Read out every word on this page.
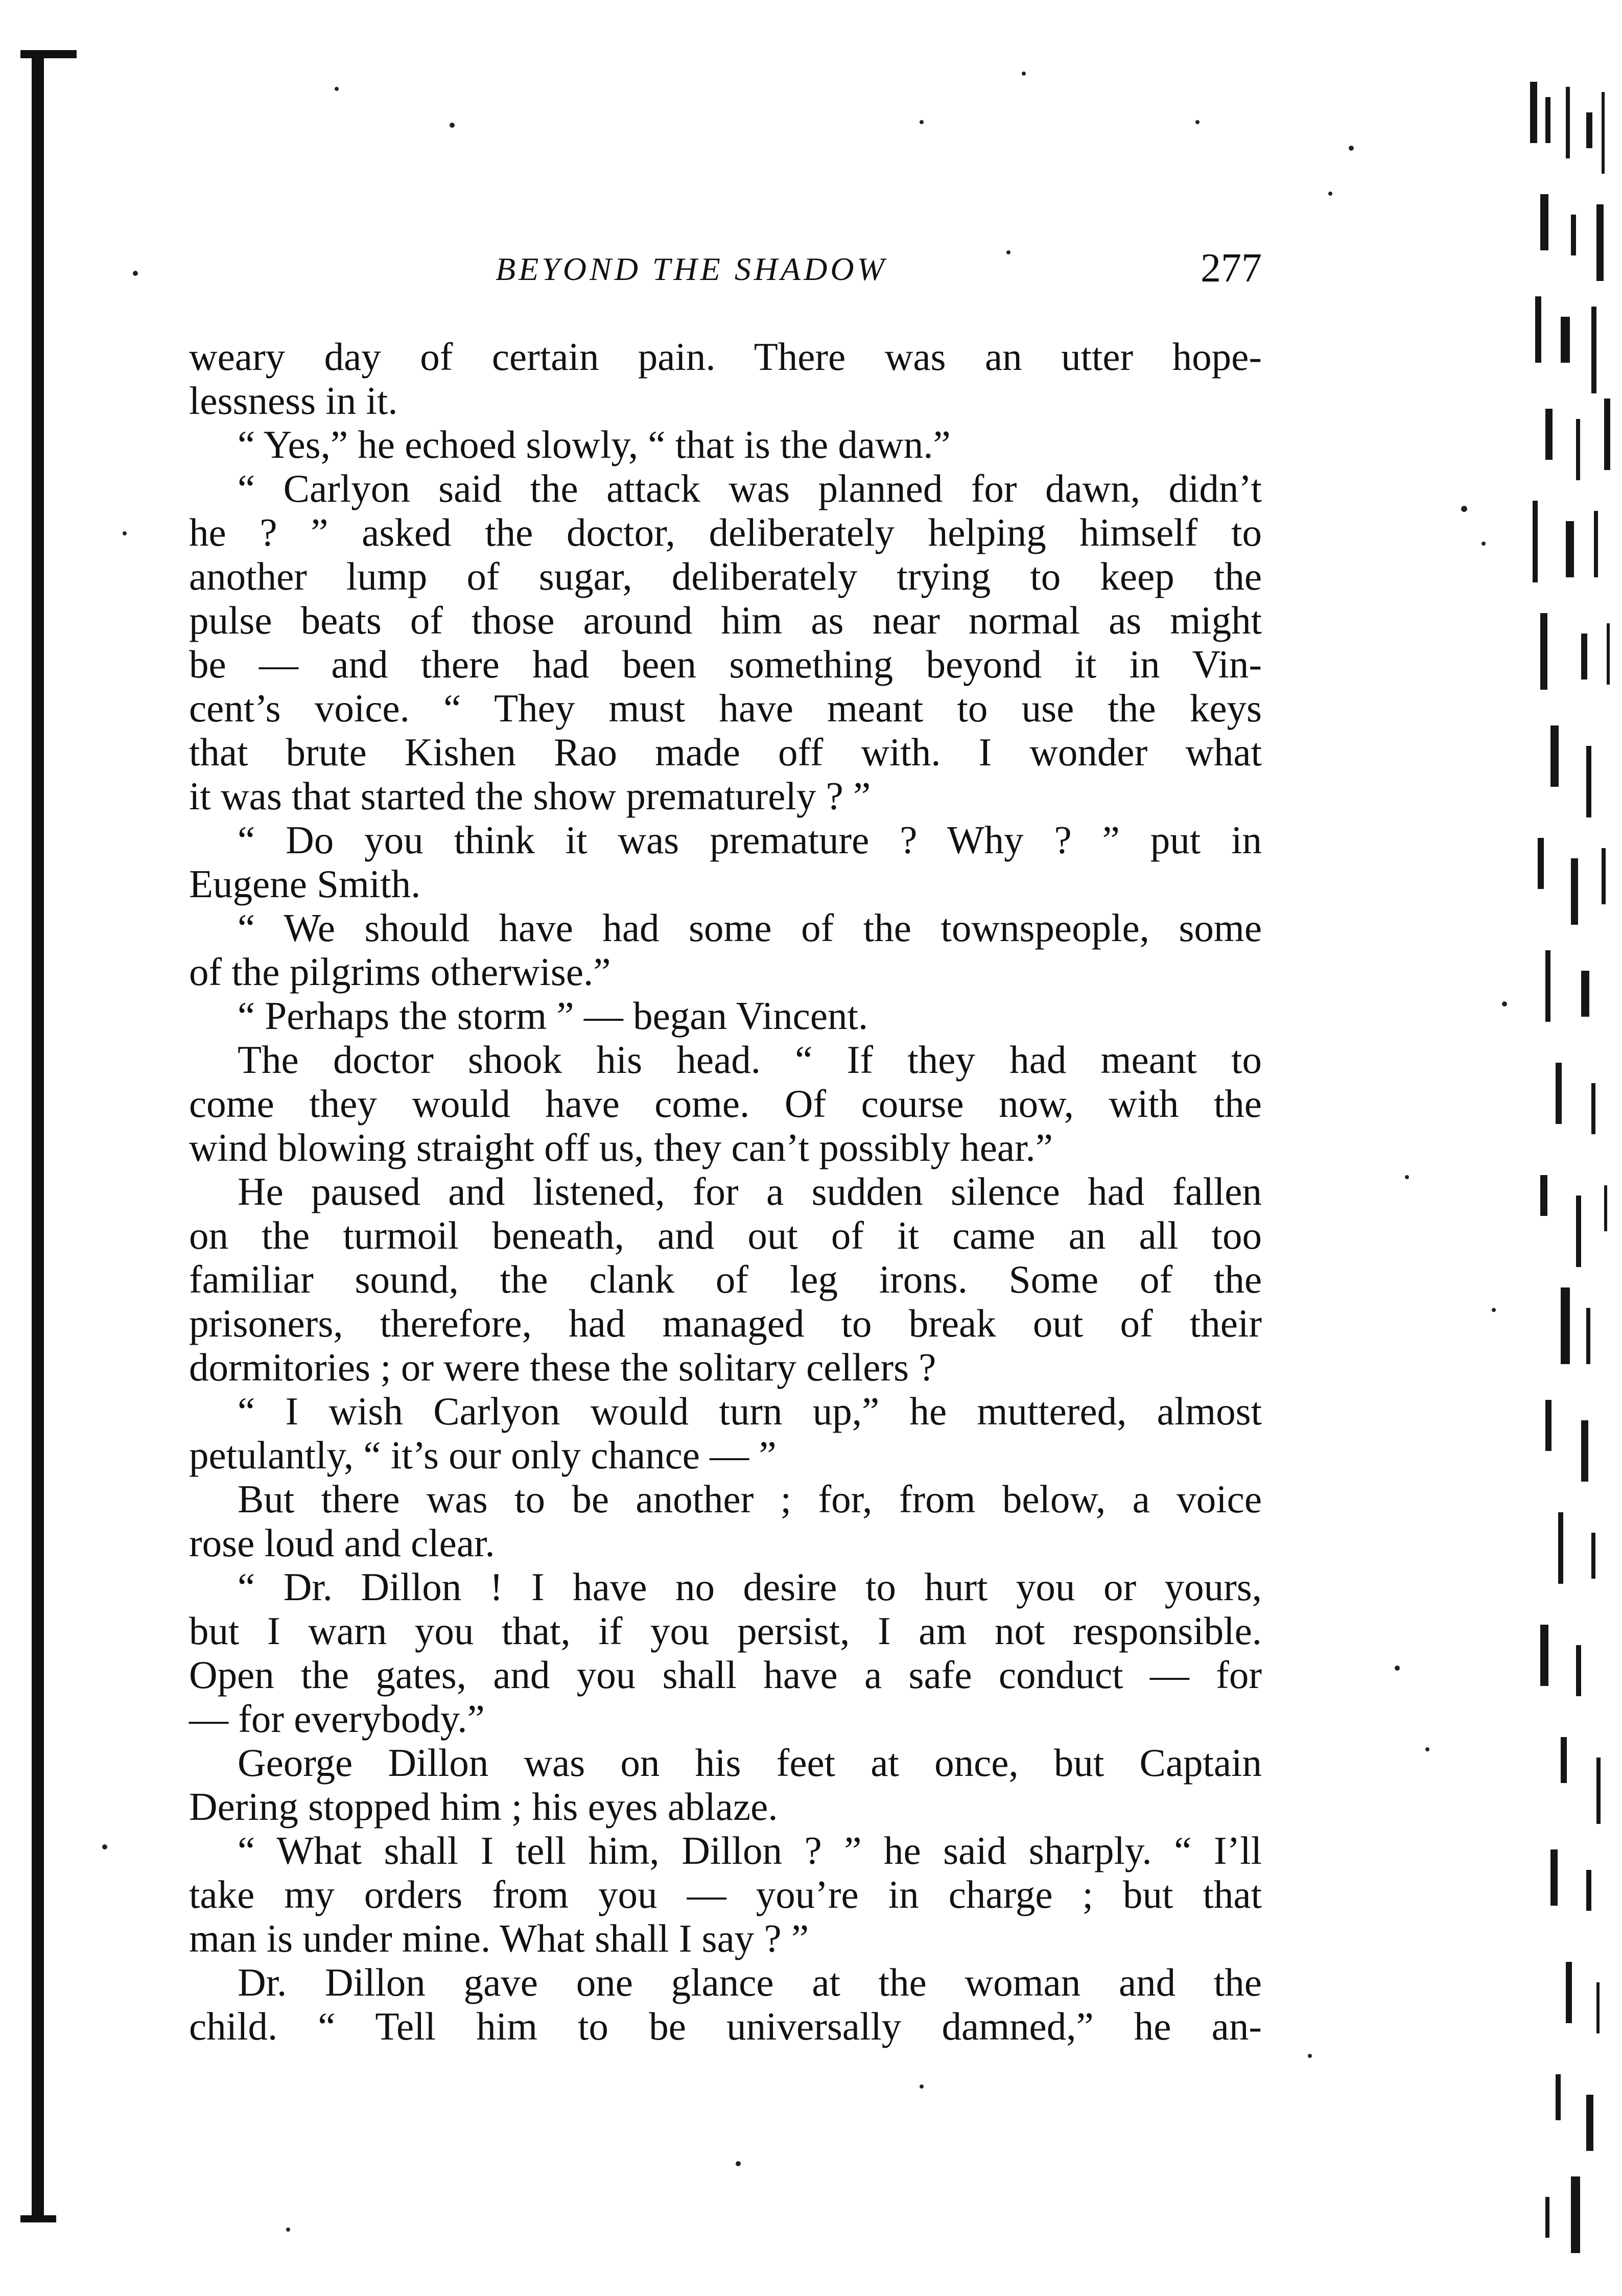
BEYOND THE SHADOW	277
weary day of certain pain. There was an utter hope-
lessness in it.
“ Yes,” he echoed slowly, “ that is the dawn.”
“ Carlyon said the attack was planned for dawn, didn’t
he ? ” asked the doctor, deliberately helping himself to
another lump of sugar, deliberately trying to keep the
pulse beats of those around him as near normal as might
be — and there had been something beyond it in Vin-
cent’s voice. “ They must have meant to use the keys
that brute Kishen Rao made off with. I wonder what
it was that started the show prematurely ? ”
“ Do you think it was premature ? Why ? ” put in
Eugene Smith.
“ We should have had some of the townspeople, some
of the pilgrims otherwise.”
“ Perhaps the storm ” — began Vincent.
The doctor shook his head. “ If they had meant to
come they would have come. Of course now, with the
wind blowing straight off us, they can’t possibly hear.”
He paused and listened, for a sudden silence had fallen
on the turmoil beneath, and out of it came an all too
familiar sound, the clank of leg irons. Some of the
prisoners, therefore, had managed to break out of their
dormitories ; or were these the solitary cellers ?
“ I wish Carlyon would turn up,” he muttered, almost
petulantly, “ it’s our only chance — ”
But there was to be another ; for, from below, a voice
rose loud and clear.
“ Dr. Dillon ! I have no desire to hurt you or yours,
but I warn you that, if you persist, I am not responsible.
Open the gates, and you shall have a safe conduct — for
— for everybody.”
George Dillon was on his feet at once, but Captain
Dering stopped him ; his eyes ablaze.
“ What shall I tell him, Dillon ? ” he said sharply. “ I’ll
take my orders from you — you’re in charge ; but that
man is under mine. What shall I say ? ”
Dr. Dillon gave one glance at the woman and the
child. “ Tell him to be universally damned,” he an-
